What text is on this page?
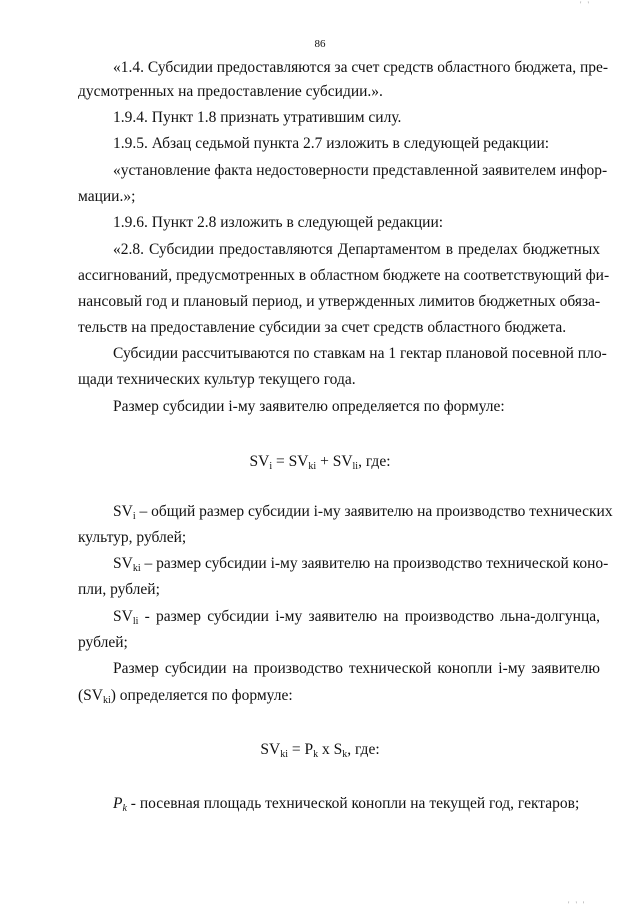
' '
86
«1.4. Субсидии предоставляются за счет средств областного бюджета, пре-
дусмотренных на предоставление субсидии.».
1.9.4. Пункт 1.8 признать утратившим силу.
1.9.5. Абзац седьмой пункта 2.7 изложить в следующей редакции:
«установление факта недостоверности представленной заявителем инфор-
мации.»;
1.9.6. Пункт 2.8 изложить в следующей редакции:
«2.8. Субсидии предоставляются Департаментом в пределах бюджетных
ассигнований, предусмотренных в областном бюджете на соответствующий фи-
нансовый год и плановый период, и утвержденных лимитов бюджетных обяза-
тельств на предоставление субсидии за счет средств областного бюджета.
Субсидии рассчитываются по ставкам на 1 гектар плановой посевной пло-
щади технических культур текущего года.
Размер субсидии i-му заявителю определяется по формуле:
$SV_i = SV_{ki} + SV_{li}$, где:
$SV_i$ – общий размер субсидии i-му заявителю на производство технических
культур, рублей;
$SV_{ki}$ – размер субсидии i-му заявителю на производство технической коно-
пли, рублей;
$SV_{li}$ - размер субсидии i-му заявителю на производство льна-долгунца,
рублей;
Размер субсидии на производство технической конопли i-му заявителю
$(SV_{ki})$ определяется по формуле:
$SV_{ki} = P_k$ x $S_k$, где:
$P_k$ - посевная площадь технической конопли на текущей год, гектаров;
' ' '
